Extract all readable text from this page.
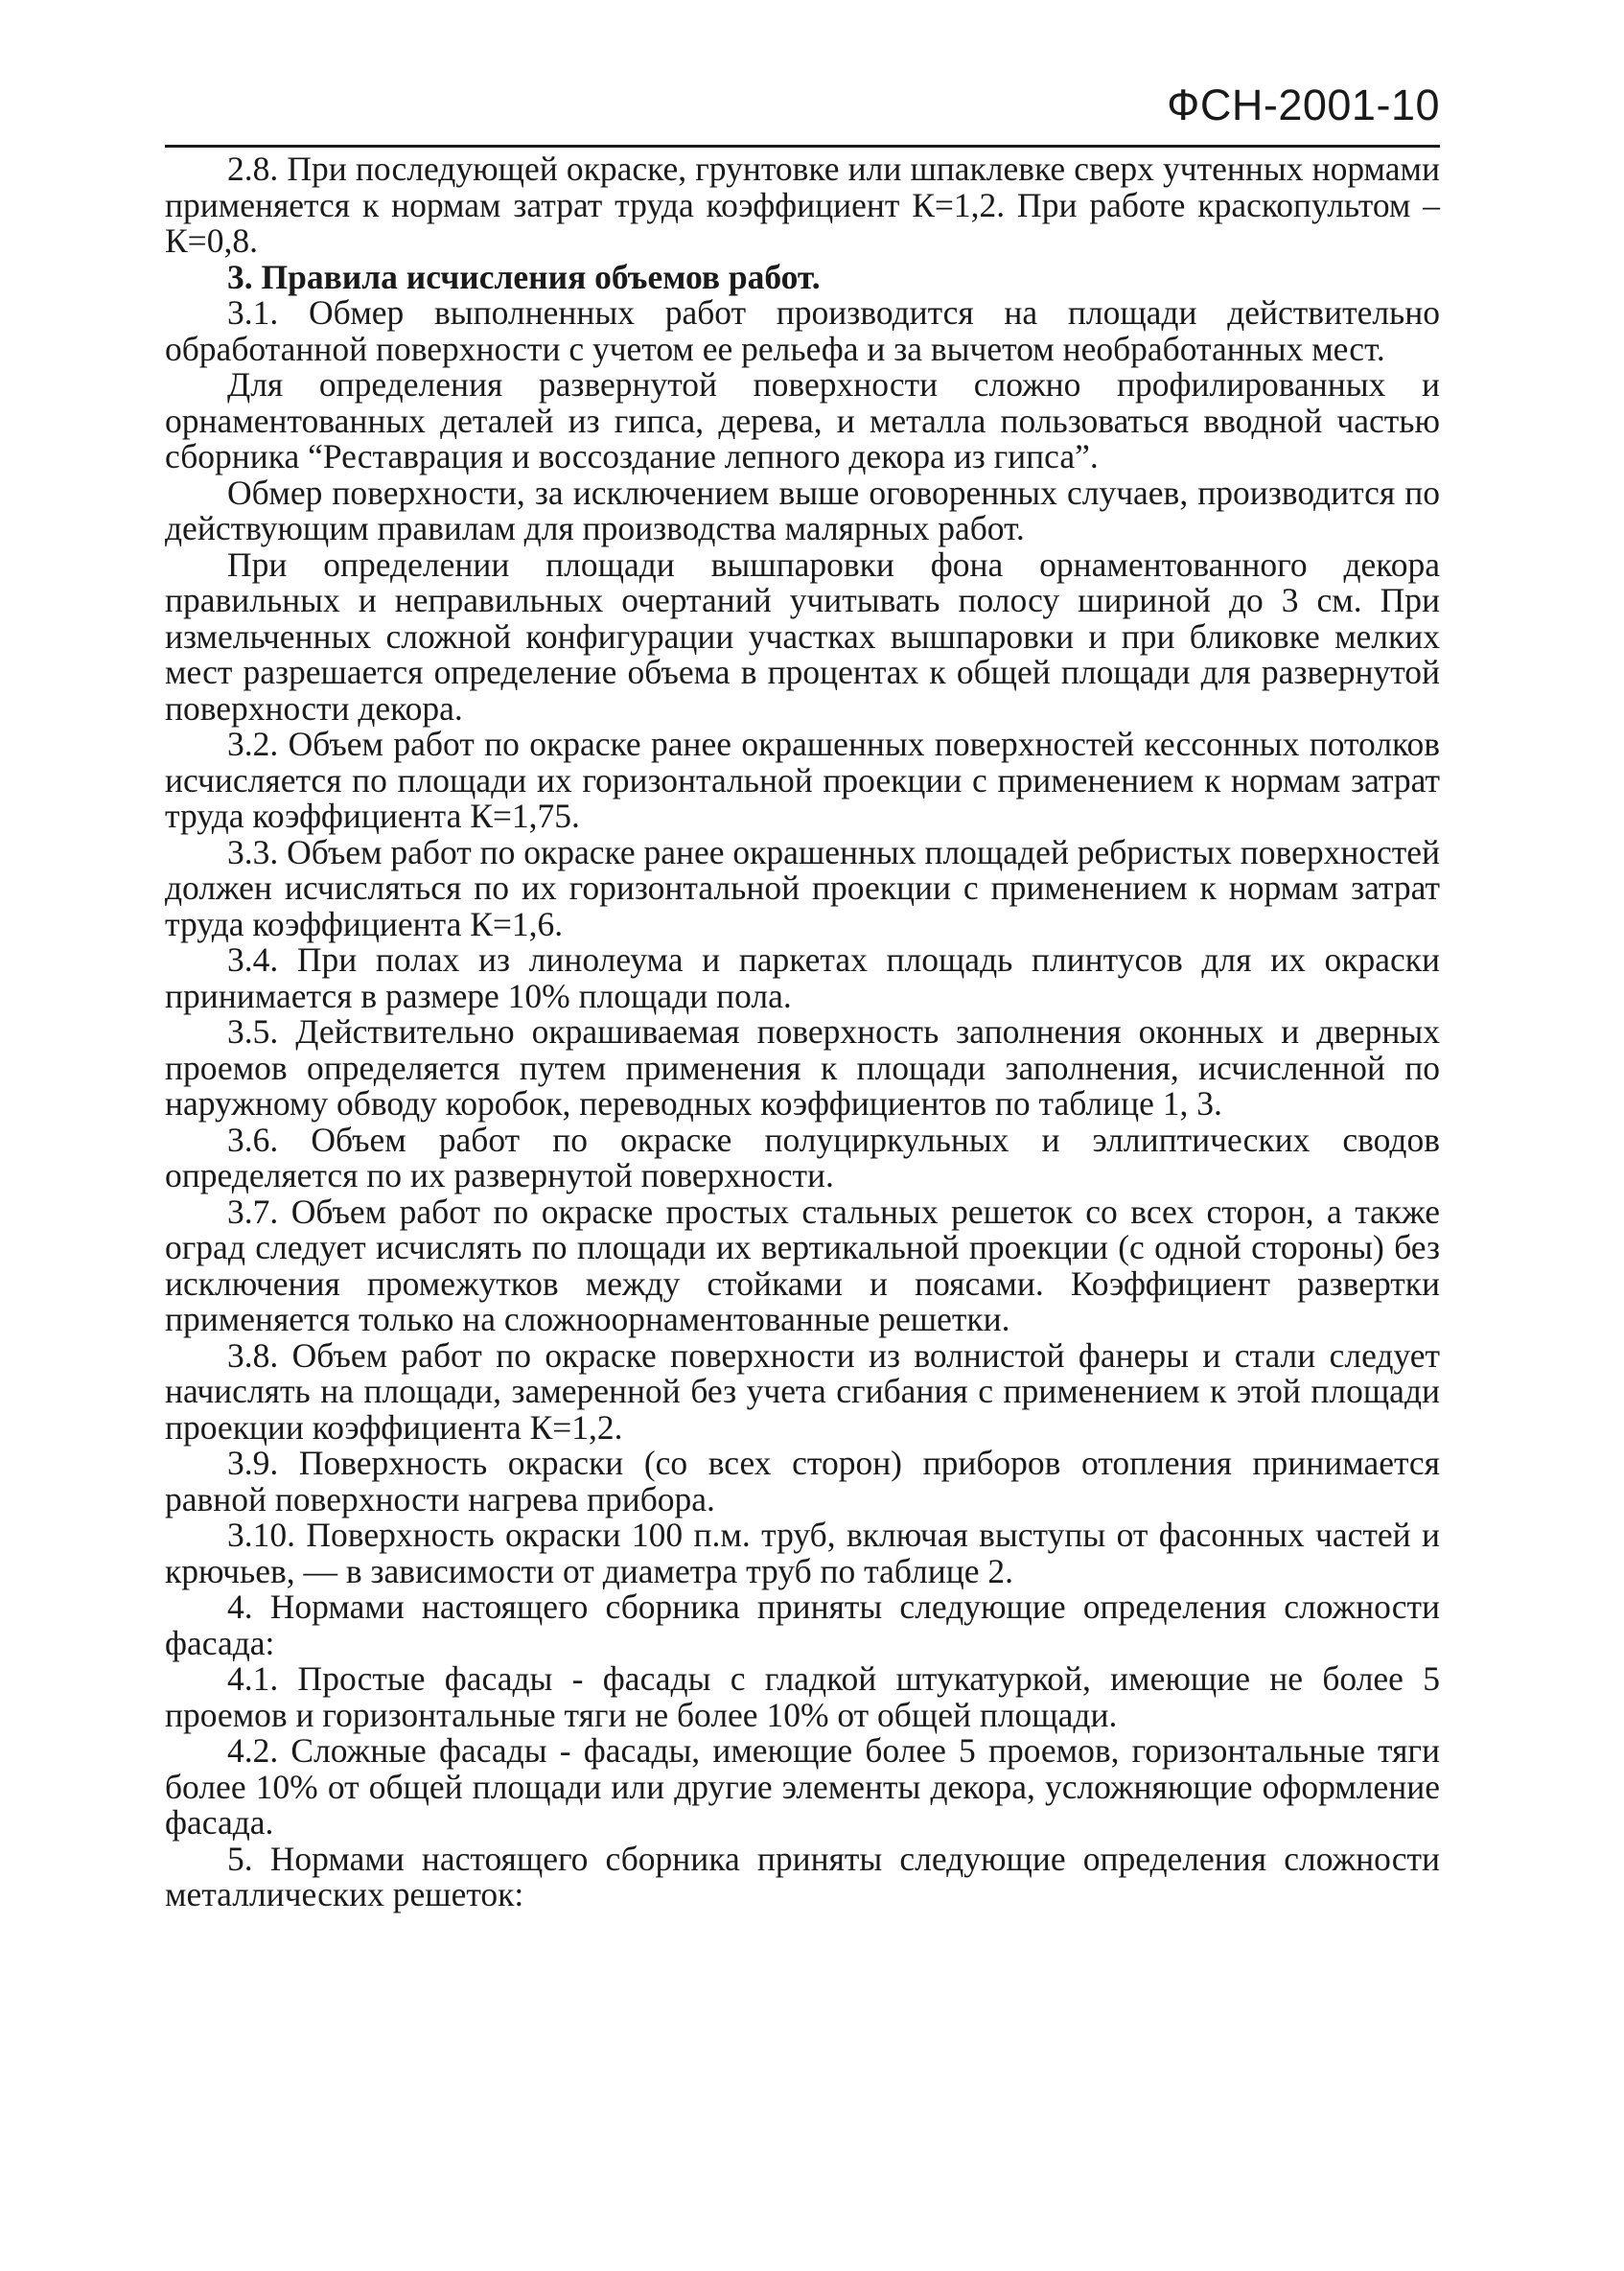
ФСН-2001-10

2.8. При последующей окраске, грунтовке или шпаклевке сверх учтенных нормами применяется к нормам затрат труда коэффициент К=1,2. При работе краскопультом – К=0,8.

3. Правила исчисления объемов работ.

3.1. Обмер выполненных работ производится на площади действительно обработанной поверхности с учетом ее рельефа и за вычетом необработанных мест.

Для определения развернутой поверхности сложно профилированных и орнаментованных деталей из гипса, дерева, и металла пользоваться вводной частью сборника “Реставрация и воссоздание лепного декора из гипса”.

Обмер поверхности, за исключением выше оговоренных случаев, производится по действующим правилам для производства малярных работ.

При определении площади вышпаровки фона орнаментованного декора правильных и неправильных очертаний учитывать полосу шириной до 3 см. При измельченных сложной конфигурации участках вышпаровки и при бликовке мелких мест разрешается определение объема в процентах к общей площади для развернутой поверхности декора.

3.2. Объем работ по окраске ранее окрашенных поверхностей кессонных потолков исчисляется по площади их горизонтальной проекции с применением к нормам затрат труда коэффициента К=1,75.

3.3. Объем работ по окраске ранее окрашенных площадей ребристых поверхностей должен исчисляться по их горизонтальной проекции с применением к нормам затрат труда коэффициента К=1,6.

3.4. При полах из линолеума и паркетах площадь плинтусов для их окраски принимается в размере 10% площади пола.

3.5. Действительно окрашиваемая поверхность заполнения оконных и дверных проемов определяется путем применения к площади заполнения, исчисленной по наружному обводу коробок, переводных коэффициентов по таблице 1, 3.

3.6. Объем работ по окраске полуциркульных и эллиптических сводов определяется по их развернутой поверхности.

3.7. Объем работ по окраске простых стальных решеток со всех сторон, а также оград следует исчислять по площади их вертикальной проекции (с одной стороны) без исключения промежутков между стойками и поясами. Коэффициент развертки применяется только на сложноорнаментованные решетки.

3.8. Объем работ по окраске поверхности из волнистой фанеры и стали следует начислять на площади, замеренной без учета сгибания с применением к этой площади проекции коэффициента К=1,2.

3.9. Поверхность окраски (со всех сторон) приборов отопления принимается равной поверхности нагрева прибора.

3.10. Поверхность окраски 100 п.м. труб, включая выступы от фасонных частей и крючьев, — в зависимости от диаметра труб по таблице 2.

4. Нормами настоящего сборника приняты следующие определения сложности фасада:

4.1. Простые фасады - фасады с гладкой штукатуркой, имеющие не более 5 проемов и горизонтальные тяги не более 10% от общей площади.

4.2. Сложные фасады - фасады, имеющие более 5 проемов, горизонтальные тяги более 10% от общей площади или другие элементы декора, усложняющие оформление фасада.

5. Нормами настоящего сборника приняты следующие определения сложности металлических решеток:
